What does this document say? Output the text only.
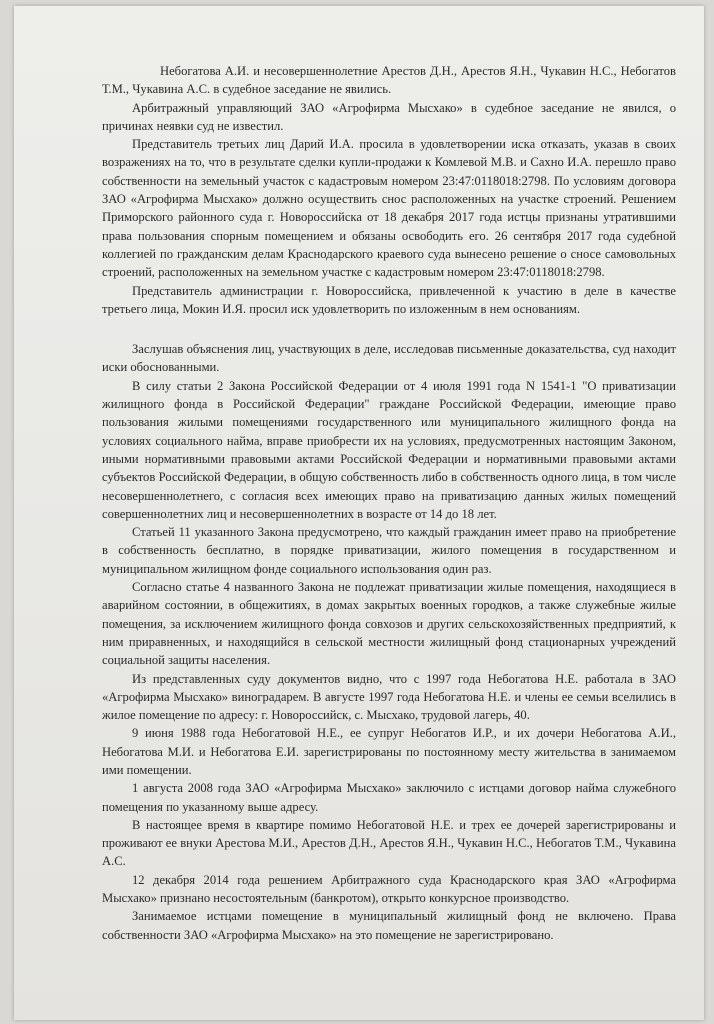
Небогатова А.И. и несовершеннолетние Арестов Д.Н., Арестов Я.Н., Чукавин Н.С., Небогатов Т.М., Чукавина А.С. в судебное заседание не явились.

Арбитражный управляющий ЗАО «Агрофирма Мысхако» в судебное заседание не явился, о причинах неявки суд не известил.

Представитель третьих лиц Дарий И.А. просила в удовлетворении иска отказать, указав в своих возражениях на то, что в результате сделки купли-продажи к Комлевой М.В. и Сахно И.А. перешло право собственности на земельный участок с кадастровым номером 23:47:0118018:2798. По условиям договора ЗАО «Агрофирма Мысхако» должно осуществить снос расположенных на участке строений. Решением Приморского районного суда г. Новороссийска от 18 декабря 2017 года истцы признаны утратившими права пользования спорным помещением и обязаны освободить его. 26 сентября 2017 года судебной коллегией по гражданским делам Краснодарского краевого суда вынесено решение о сносе самовольных строений, расположенных на земельном участке с кадастровым номером 23:47:0118018:2798.

Представитель администрации г. Новороссийска, привлеченной к участию в деле в качестве третьего лица, Мокин И.Я. просил иск удовлетворить по изложенным в нем основаниям.

Заслушав объяснения лиц, участвующих в деле, исследовав письменные доказательства, суд находит иски обоснованными.

В силу статьи 2 Закона Российской Федерации от 4 июля 1991 года N 1541-1 "О приватизации жилищного фонда в Российской Федерации" граждане Российской Федерации, имеющие право пользования жилыми помещениями государственного или муниципального жилищного фонда на условиях социального найма, вправе приобрести их на условиях, предусмотренных настоящим Законом, иными нормативными правовыми актами Российской Федерации и нормативными правовыми актами субъектов Российской Федерации, в общую собственность либо в собственность одного лица, в том числе несовершеннолетнего, с согласия всех имеющих право на приватизацию данных жилых помещений совершеннолетних лиц и несовершеннолетних в возрасте от 14 до 18 лет.

Статьей 11 указанного Закона предусмотрено, что каждый гражданин имеет право на приобретение в собственность бесплатно, в порядке приватизации, жилого помещения в государственном и муниципальном жилищном фонде социального использования один раз.

Согласно статье 4 названного Закона не подлежат приватизации жилые помещения, находящиеся в аварийном состоянии, в общежитиях, в домах закрытых военных городков, а также служебные жилые помещения, за исключением жилищного фонда совхозов и других сельскохозяйственных предприятий, к ним приравненных, и находящийся в сельской местности жилищный фонд стационарных учреждений социальной защиты населения.

Из представленных суду документов видно, что с 1997 года Небогатова Н.Е. работала в ЗАО «Агрофирма Мысхако» виноградарем. В августе 1997 года Небогатова Н.Е. и члены ее семьи вселились в жилое помещение по адресу: г. Новороссийск, с. Мысхако, трудовой лагерь, 40.

9 июня 1988 года Небогатовой Н.Е., ее супруг Небогатов И.Р., и их дочери Небогатова А.И., Небогатова М.И. и Небогатова Е.И. зарегистрированы по постоянному месту жительства в занимаемом ими помещении.

1 августа 2008 года ЗАО «Агрофирма Мысхако» заключило с истцами договор найма служебного помещения по указанному выше адресу.

В настоящее время в квартире помимо Небогатовой Н.Е. и трех ее дочерей зарегистрированы и проживают ее внуки Арестова М.И., Арестов Д.Н., Арестов Я.Н., Чукавин Н.С., Небогатов Т.М., Чукавина А.С.

12 декабря 2014 года решением Арбитражного суда Краснодарского края ЗАО «Агрофирма Мысхако» признано несостоятельным (банкротом), открыто конкурсное производство.

Занимаемое истцами помещение в муниципальный жилищный фонд не включено. Права собственности ЗАО «Агрофирма Мысхако» на это помещение не зарегистрировано.
